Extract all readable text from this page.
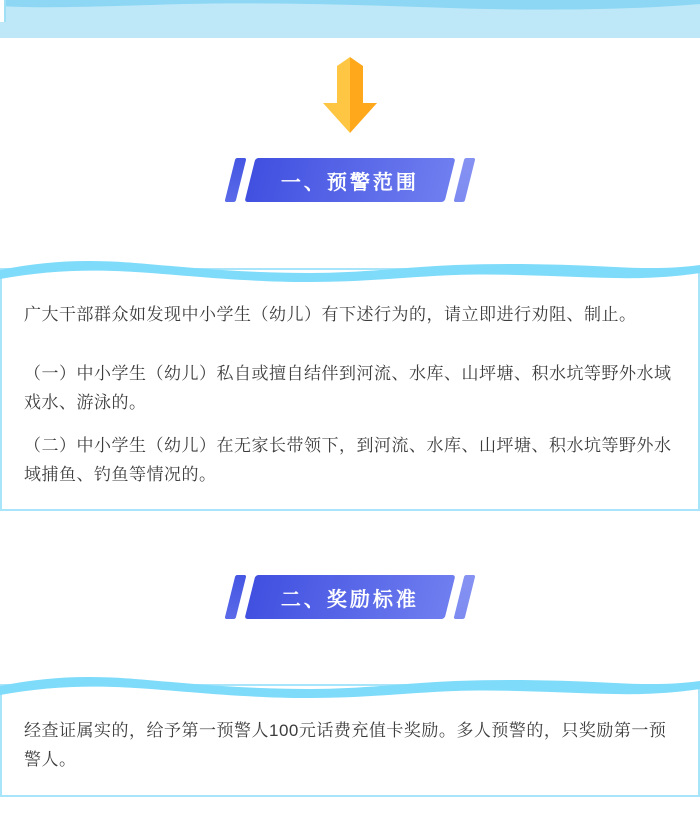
一、预警范围

广大干部群众如发现中小学生（幼儿）有下述行为的，请立即进行劝阻、制止。

（一）中小学生（幼儿）私自或擅自结伴到河流、水库、山坪塘、积水坑等野外水域戏水、游泳的。

（二）中小学生（幼儿）在无家长带领下，到河流、水库、山坪塘、积水坑等野外水域捕鱼、钓鱼等情况的。

二、奖励标准

经查证属实的，给予第一预警人100元话费充值卡奖励。多人预警的，只奖励第一预警人。
